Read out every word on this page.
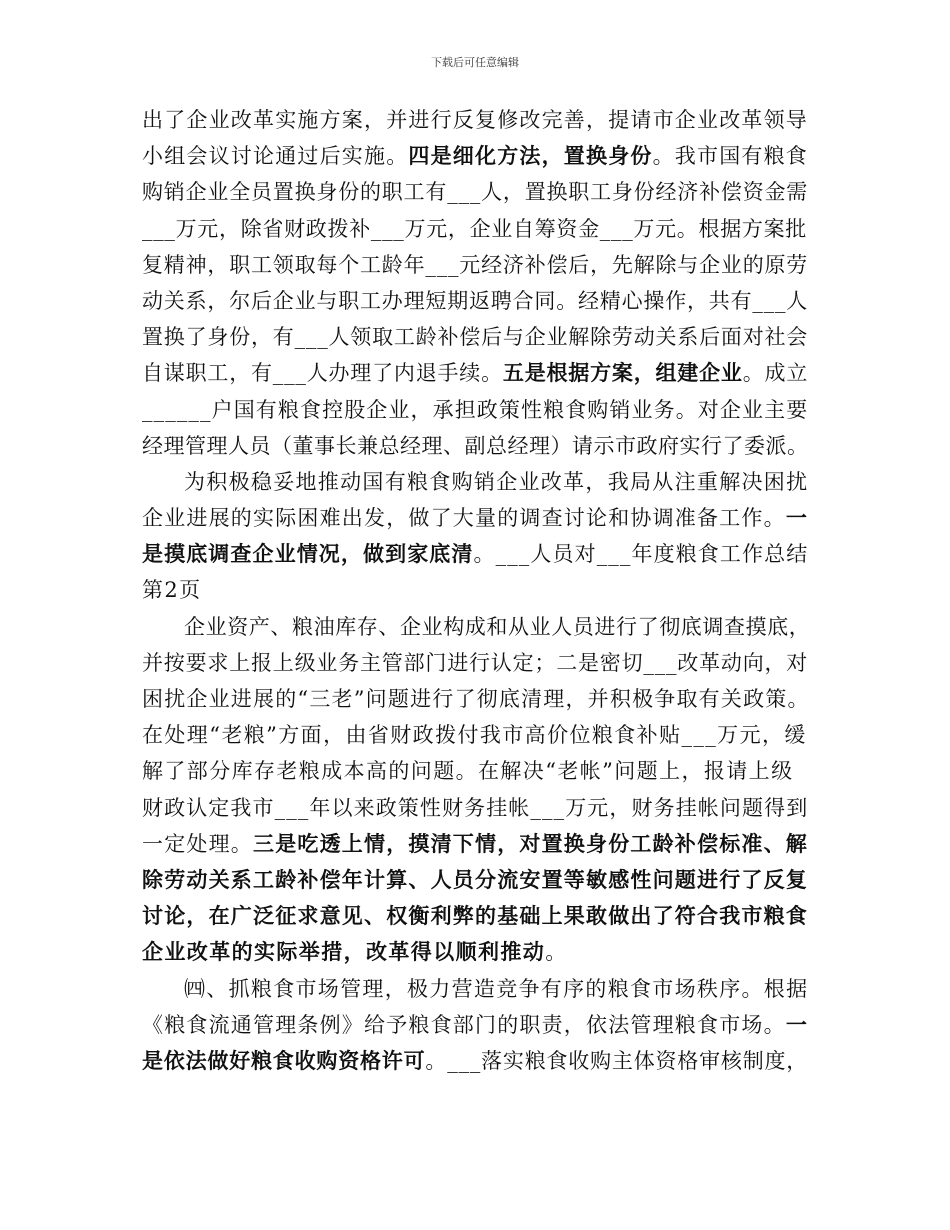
下载后可任意编辑
出了企业改革实施方案，并进行反复修改完善，提请市企业改革领导
小组会议讨论通过后实施。四是细化方法，置换身份。我市国有粮食
购销企业全员置换身份的职工有___人，置换职工身份经济补偿资金需
___万元，除省财政拨补___万元，企业自筹资金___万元。根据方案批
复精神，职工领取每个工龄年___元经济补偿后，先解除与企业的原劳
动关系，尔后企业与职工办理短期返聘合同。经精心操作，共有___人
置换了身份，有___人领取工龄补偿后与企业解除劳动关系后面对社会
自谋职工，有___人办理了内退手续。五是根据方案，组建企业。成立
______户国有粮食控股企业，承担政策性粮食购销业务。对企业主要
经理管理人员（董事长兼总经理、副总经理）请示市政府实行了委派。
为积极稳妥地推动国有粮食购销企业改革，我局从注重解决困扰
企业进展的实际困难出发，做了大量的调查讨论和协调准备工作。一
是摸底调查企业情况，做到家底清。___人员对___年度粮食工作总结
第2页
企业资产、粮油库存、企业构成和从业人员进行了彻底调查摸底，
并按要求上报上级业务主管部门进行认定；二是密切___改革动向，对
困扰企业进展的“三老”问题进行了彻底清理，并积极争取有关政策。
在处理“老粮”方面，由省财政拨付我市高价位粮食补贴___万元，缓
解了部分库存老粮成本高的问题。在解决“老帐”问题上，报请上级
财政认定我市___年以来政策性财务挂帐___万元，财务挂帐问题得到
一定处理。三是吃透上情，摸清下情，对置换身份工龄补偿标准、解
除劳动关系工龄补偿年计算、人员分流安置等敏感性问题进行了反复
讨论，在广泛征求意见、权衡利弊的基础上果敢做出了符合我市粮食
企业改革的实际举措，改革得以顺利推动。
㈣、抓粮食市场管理，极力营造竞争有序的粮食市场秩序。根据
《粮食流通管理条例》给予粮食部门的职责，依法管理粮食市场。一
是依法做好粮食收购资格许可。___落实粮食收购主体资格审核制度，
